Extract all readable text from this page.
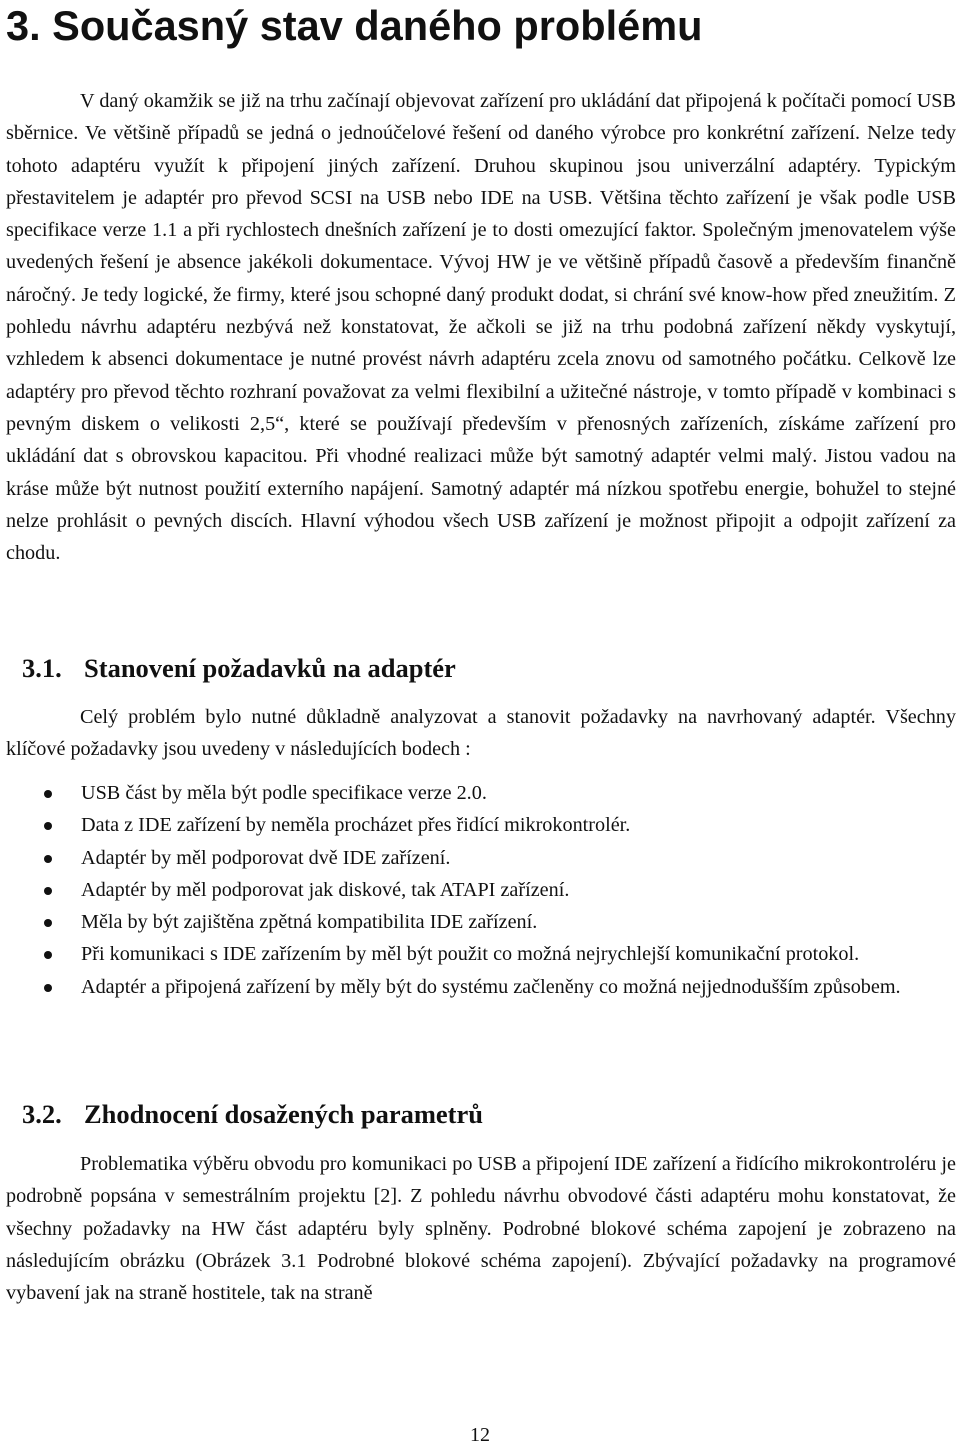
3. Současný stav daného problému

V daný okamžik se již na trhu začínají objevovat zařízení pro ukládání dat připojená k počítači pomocí USB sběrnice. Ve většině případů se jedná o jednoúčelové řešení od daného výrobce pro konkrétní zařízení. Nelze tedy tohoto adaptéru využít k připojení jiných zařízení. Druhou skupinou jsou univerzální adaptéry. Typickým přestavitelem je adaptér pro převod SCSI na USB nebo IDE na USB. Většina těchto zařízení je však podle USB specifikace verze 1.1 a při rychlostech dnešních zařízení je to dosti omezující faktor. Společným jmenovatelem výše uvedených řešení je absence jakékoli dokumentace. Vývoj HW je ve většině případů časově a především finančně náročný. Je tedy logické, že firmy, které jsou schopné daný produkt dodat, si chrání své know-how před zneužitím. Z pohledu návrhu adaptéru nezbývá než konstatovat, že ačkoli se již na trhu podobná zařízení někdy vyskytují, vzhledem k absenci dokumentace je nutné provést návrh adaptéru zcela znovu od samotného počátku. Celkově lze adaptéry pro převod těchto rozhraní považovat za velmi flexibilní a užitečné nástroje, v tomto případě v kombinaci s pevným diskem o velikosti 2,5“, které se používají především v přenosných zařízeních, získáme zařízení pro ukládání dat s obrovskou kapacitou. Při vhodné realizaci může být samotný adaptér velmi malý. Jistou vadou na kráse může být nutnost použití externího napájení. Samotný adaptér má nízkou spotřebu energie, bohužel to stejné nelze prohlásit o pevných discích. Hlavní výhodou všech USB zařízení je možnost připojit a odpojit zařízení za chodu.

3.1. Stanovení požadavků na adaptér

Celý problém bylo nutné důkladně analyzovat a stanovit požadavky na navrhovaný adaptér. Všechny klíčové požadavky jsou uvedeny v následujících bodech :

USB část by měla být podle specifikace verze 2.0.
Data z IDE zařízení by neměla procházet přes řidící mikrokontrolér.
Adaptér by měl podporovat dvě IDE zařízení.
Adaptér by měl podporovat jak diskové, tak ATAPI zařízení.
Měla by být zajištěna zpětná kompatibilita IDE zařízení.
Při komunikaci s IDE zařízením by měl být použit co možná nejrychlejší komunikační protokol.
Adaptér a připojená zařízení by měly být do systému začleněny co možná nejjednodušším způsobem.
3.2. Zhodnocení dosažených parametrů

Problematika výběru obvodu pro komunikaci po USB a připojení IDE zařízení a řidícího mikrokontroléru je podrobně popsána v semestrálním projektu [2]. Z pohledu návrhu obvodové části adaptéru mohu konstatovat, že všechny požadavky na HW část adaptéru byly splněny. Podrobné blokové schéma zapojení je zobrazeno na následujícím obrázku (Obrázek 3.1 Podrobné blokové schéma zapojení). Zbývající požadavky na programové vybavení jak na straně hostitele, tak na straně

12
